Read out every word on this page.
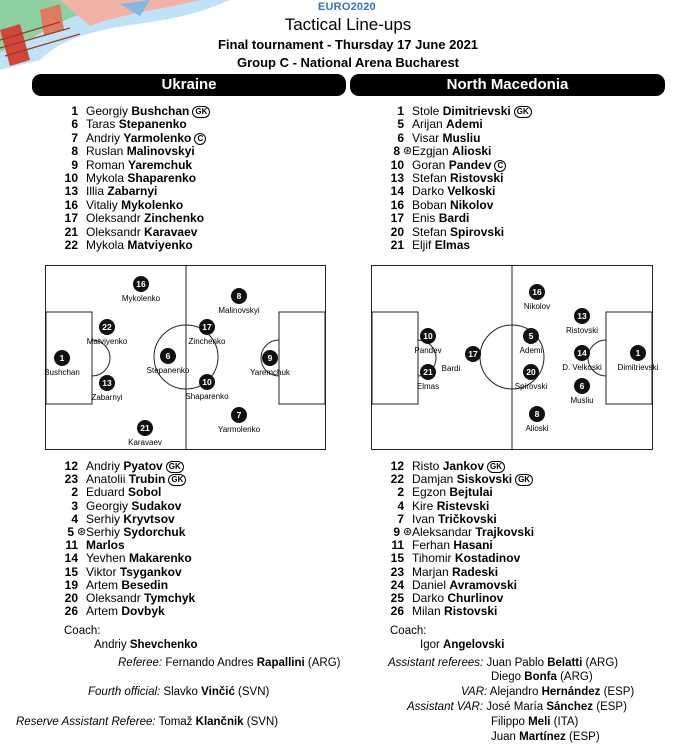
EURO2020
Tactical Line-ups
Final tournament - Thursday 17 June 2021
Group C - National Arena Bucharest
Ukraine	North Macedonia
1 Georgiy Bushchan GK
6 Taras Stepanenko
7 Andriy Yarmolenko C
8 Ruslan Malinovskyi
9 Roman Yaremchuk
10 Mykola Shaparenko
13 Illia Zabarnyi
16 Vitaliy Mykolenko
17 Oleksandr Zinchenko
21 Oleksandr Karavaev
22 Mykola Matviyenko
1 Stole Dimitrievski GK
5 Arijan Ademi
6 Visar Musliu
⊛
8 Ezgjan Alioski
10 Goran Pandev C
13 Stefan Ristovski
14 Darko Velkoski
16 Boban Nikolov
17 Enis Bardi
20 Stefan Spirovski
21 Eljif Elmas
1
Bushchan
22
Matviyenko
13
Zabarnyi
16
Mykolenko
21
Karavaev
6
Stepanenko
17
Zinchenko
10
Shaparenko
8
Malinovskyi
7
Yarmolenko
9
Yaremchuk
10
Pandev
21
Elmas
17
Bardi
16
Nikolov
5
Ademi
20
Spirovski
8
Alioski
13
Ristovski
14
D. Velkoski
6
Musliu
1
Dimitrievski
12 Andriy Pyatov GK
23 Anatolii Trubin GK
2 Eduard Sobol
3 Georgiy Sudakov
4 Serhiy Kryvtsov
⊛
5 Serhiy Sydorchuk
11 Marlos
14 Yevhen Makarenko
15 Viktor Tsygankov
19 Artem Besedin
20 Oleksandr Tymchyk
26 Artem Dovbyk
12 Risto Jankov GK
22 Damjan Siskovski GK
2 Egzon Bejtulai
4 Kire Ristevski
7 Ivan Tričkovski
⊛
9 Aleksandar Trajkovski
11 Ferhan Hasani
15 Tihomir Kostadinov
23 Marjan Radeski
24 Daniel Avramovski
25 Darko Churlinov
26 Milan Ristovski
Coach:
Andriy Shevchenko
Coach:
Igor Angelovski
Referee: Fernando Andres Rapallini (ARG)
Fourth official: Slavko Vinčić (SVN)
Reserve Assistant Referee: Tomaž Klančnik (SVN)
Assistant referees: Juan Pablo Belatti (ARG)
Diego Bonfa (ARG)
VAR: Alejandro Hernández (ESP)
Assistant VAR: José María Sánchez (ESP)
Filippo Meli (ITA)
Juan Martínez (ESP)
